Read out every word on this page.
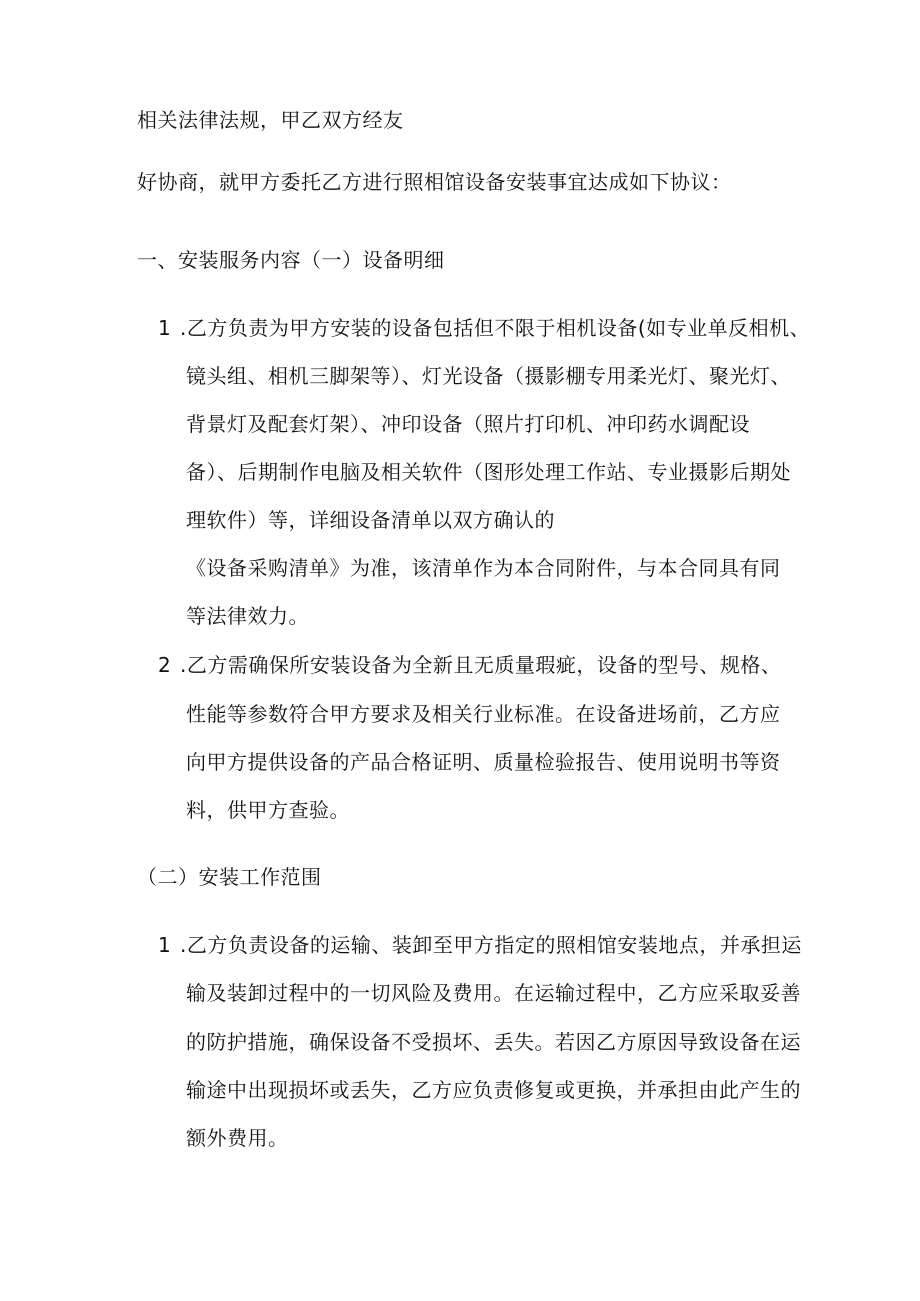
相关法律法规，甲乙双方经友
好协商，就甲方委托乙方进行照相馆设备安装事宜达成如下协议：
一、安装服务内容（一）设备明细
1 .乙方负责为甲方安装的设备包括但不限于相机设备(如专业单反相机、
镜头组、相机三脚架等）、灯光设备（摄影棚专用柔光灯、聚光灯、
背景灯及配套灯架）、冲印设备（照片打印机、冲印药水调配设
备）、后期制作电脑及相关软件（图形处理工作站、专业摄影后期处
理软件）等，详细设备清单以双方确认的
《设备采购清单》为准，该清单作为本合同附件，与本合同具有同
等法律效力。
2 .乙方需确保所安装设备为全新且无质量瑕疵，设备的型号、规格、
性能等参数符合甲方要求及相关行业标准。在设备进场前，乙方应
向甲方提供设备的产品合格证明、质量检验报告、使用说明书等资
料，供甲方查验。
（二）安装工作范围
1 .乙方负责设备的运输、装卸至甲方指定的照相馆安装地点，并承担运
输及装卸过程中的一切风险及费用。在运输过程中，乙方应采取妥善
的防护措施，确保设备不受损坏、丢失。若因乙方原因导致设备在运
输途中出现损坏或丢失，乙方应负责修复或更换，并承担由此产生的
额外费用。
